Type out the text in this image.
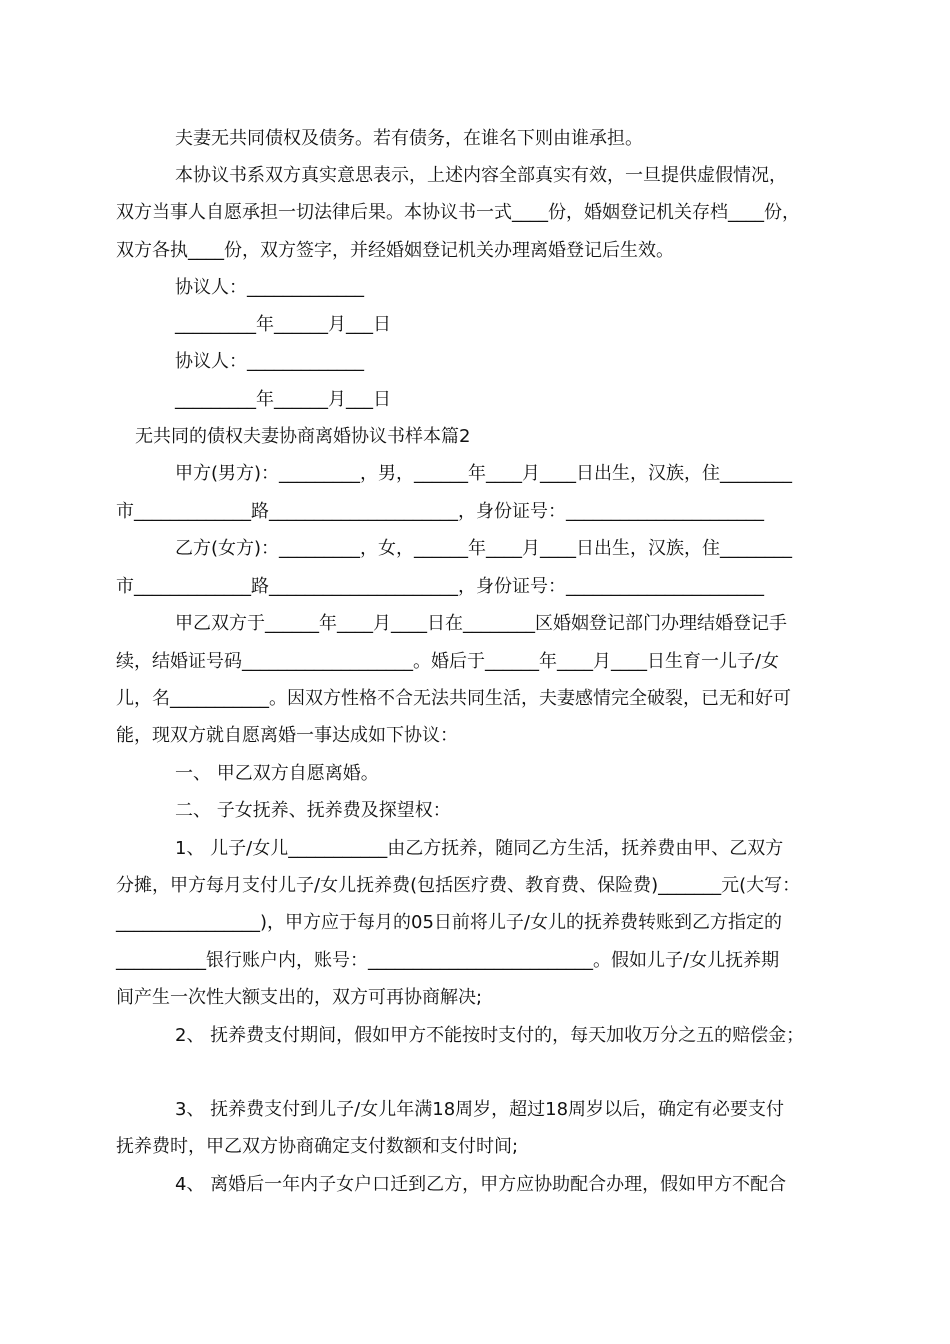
夫妻无共同债权及债务。若有债务，在谁名下则由谁承担。
本协议书系双方真实意思表示，上述内容全部真实有效，一旦提供虚假情况，
双方当事人自愿承担一切法律后果。本协议书一式____份，婚姻登记机关存档____份，
双方各执____份，双方签字，并经婚姻登记机关办理离婚登记后生效。
协议人：_____________
_________年______月___日
协议人：_____________
_________年______月___日
无共同的债权夫妻协商离婚协议书样本篇2
甲方(男方)：_________，男，______年____月____日出生，汉族，住________
市_____________路_____________________，身份证号：______________________
乙方(女方)：_________，女，______年____月____日出生，汉族，住________
市_____________路_____________________，身份证号：______________________
甲乙双方于______年____月____日在________区婚姻登记部门办理结婚登记手
续，结婚证号码___________________。婚后于______年____月____日生育一儿子/女
儿，名___________。因双方性格不合无法共同生活，夫妻感情完全破裂，已无和好可
能，现双方就自愿离婚一事达成如下协议：
一、 甲乙双方自愿离婚。
二、 子女抚养、抚养费及探望权：
1、 儿子/女儿___________由乙方抚养，随同乙方生活，抚养费由甲、乙双方
分摊，甲方每月支付儿子/女儿抚养费(包括医疗费、教育费、保险费)_______元(大写：
________________)，甲方应于每月的05日前将儿子/女儿的抚养费转账到乙方指定的
__________银行账户内，账号：_________________________。假如儿子/女儿抚养期
间产生一次性大额支出的，双方可再协商解决;
2、 抚养费支付期间，假如甲方不能按时支付的，每天加收万分之五的赔偿金；
3、 抚养费支付到儿子/女儿年满18周岁，超过18周岁以后，确定有必要支付
抚养费时，甲乙双方协商确定支付数额和支付时间;
4、 离婚后一年内子女户口迁到乙方，甲方应协助配合办理，假如甲方不配合
